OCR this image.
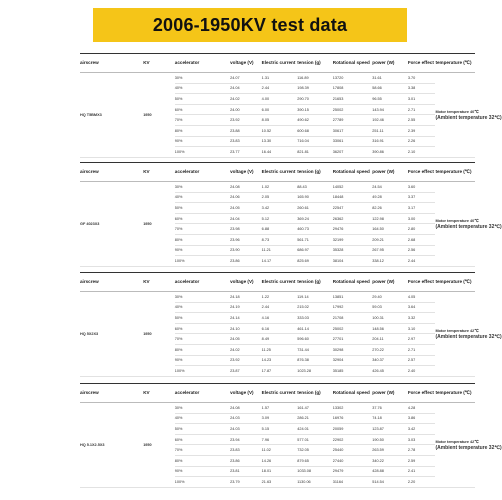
2006-1950KV test data
airscrew	KV	accelerator	voltage (V)	Electric current	tension (g)	Rotational speed	power (W)	Force effect	temperature (℃)
HQ T5BMX3	1950	30%	24.07	1.31	116.89	13720	31.61	3.70	Motor temperature 40℃
(Ambient temperature 32℃)

		40%	24.04	2.44	198.39	17808	58.66	3.38	
		50%	24.02	4.00	290.70	21653	96.55	3.01	
		60%	24.00	6.00	390.15	25002	143.94	2.71	
		70%	23.92	8.05	490.62	27789	192.46	2.55	
		80%	23.88	10.52	600.68	30617	251.11	2.39	
		90%	23.83	13.30	716.04	33061	316.91	2.26	
		100%	23.77	16.44	821.81	36207	390.86	2.10	
airscrew	KV	accelerator	voltage (V)	Electric current	tension (g)	Rotational speed	power (W)	Force effect	temperature (℃)
GF 4023X3	1950	30%	24.08	1.02	88.43	14052	24.54	3.60	Motor temperature 40℃
(Ambient temperature 32℃)

		40%	24.06	2.05	165.90	18448	49.28	3.37	
		50%	24.05	3.42	260.61	22547	82.26	3.17	
		60%	24.04	5.12	369.24	26362	122.98	3.00	
		70%	23.98	6.88	460.73	29476	164.50	2.80	
		80%	23.96	8.73	561.71	32199	209.21	2.68	
		90%	23.90	11.21	686.97	35328	267.95	2.56	
		100%	23.86	14.17	825.69	38104	338.12	2.44	
airscrew	KV	accelerator	voltage (V)	Electric current	tension (g)	Rotational speed	power (W)	Force effect	temperature (℃)
HQ 5X2X3	1950	30%	24.18	1.22	119.14	13851	29.40	4.05	Motor temperature 42℃
(Ambient temperature 32℃)

		40%	24.19	2.44	215.02	17992	59.03	3.64	
		50%	24.14	4.16	333.03	21708	100.31	3.32	
		60%	24.10	6.16	461.14	25002	148.56	3.10	
		70%	24.05	8.49	596.60	27701	204.11	2.97	
		80%	24.02	11.25	731.44	30298	270.22	2.71	
		90%	23.92	14.23	876.38	32904	340.37	2.57	
		100%	23.87	17.87	1023.28	35185	426.45	2.40	
airscrew	KV	accelerator	voltage (V)	Electric current	tension (g)	Rotational speed	power (W)	Force effect	temperature (℃)
HQ 5.1X2.5X3	1950	30%	24.08	1.57	161.47	13302	37.76	4.28	Motor temperature 42℃
(Ambient temperature 32℃)

		40%	24.03	3.09	286.21	16976	74.18	3.86	
		50%	24.03	5.15	424.01	20059	123.87	3.42	
		60%	23.94	7.96	577.01	22902	190.50	3.03	
		70%	23.83	11.02	732.05	25440	263.59	2.78	
		80%	23.86	14.26	879.65	27440	340.22	2.59	
		90%	23.81	18.01	1033.08	29479	428.88	2.41	
		100%	23.79	21.63	1130.06	31164	514.54	2.20	
